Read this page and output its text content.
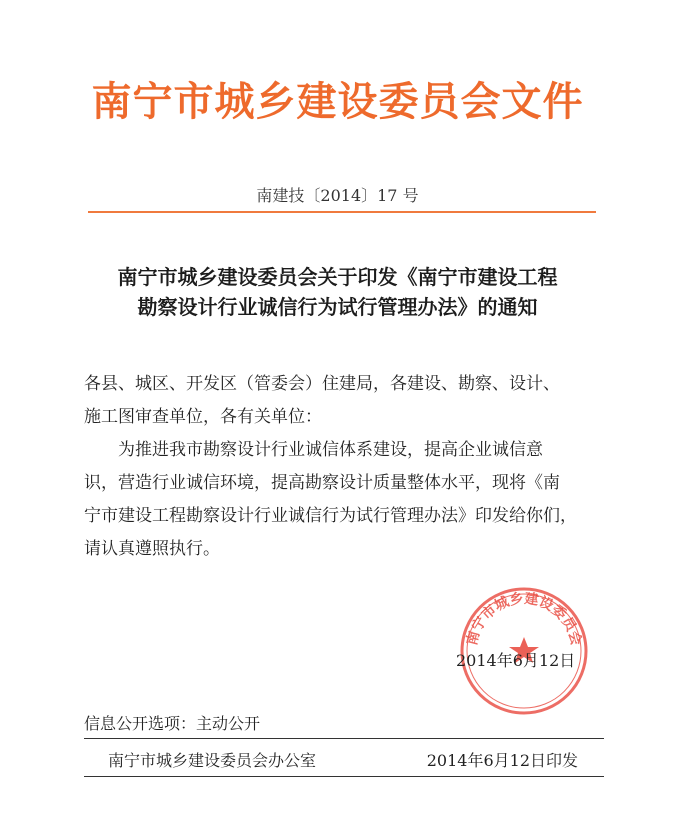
南宁市城乡建设委员会文件
南建技〔2014〕17 号
南宁市城乡建设委员会关于印发《南宁市建设工程
勘察设计行业诚信行为试行管理办法》的通知
各县、城区、开发区（管委会）住建局，各建设、勘察、设计、
施工图审查单位，各有关单位：
　　为推进我市勘察设计行业诚信体系建设，提高企业诚信意
识，营造行业诚信环境，提高勘察设计质量整体水平，现将《南
宁市建设工程勘察设计行业诚信行为试行管理办法》印发给你们，
请认真遵照执行。
南宁市城乡建设委员会
2014年6月12日
信息公开选项：主动公开
南宁市城乡建设委员会办公室	2014年6月12日印发
